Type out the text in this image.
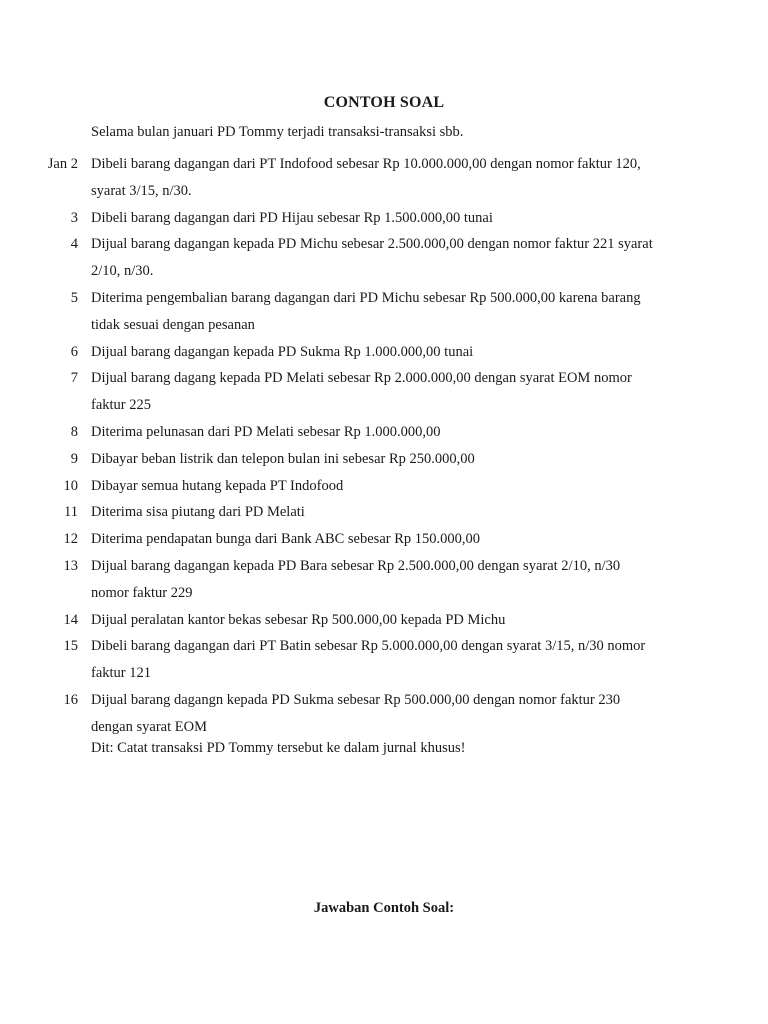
CONTOH SOAL
Selama bulan januari PD Tommy terjadi transaksi-transaksi sbb.
Jan 2 Dibeli barang dagangan dari PT Indofood sebesar Rp 10.000.000,00 dengan nomor faktur 120,
syarat 3/15, n/30.
3 Dibeli barang dagangan dari PD Hijau sebesar Rp 1.500.000,00 tunai
4 Dijual barang dagangan kepada PD Michu sebesar 2.500.000,00 dengan nomor faktur 221 syarat
2/10, n/30.
5 Diterima pengembalian barang dagangan dari PD Michu sebesar Rp 500.000,00 karena barang
tidak sesuai dengan pesanan
6 Dijual barang dagangan kepada PD Sukma Rp 1.000.000,00 tunai
7 Dijual barang dagang kepada PD Melati sebesar Rp 2.000.000,00 dengan syarat EOM nomor
faktur 225
8 Diterima pelunasan dari PD Melati sebesar Rp 1.000.000,00
9 Dibayar beban listrik dan telepon bulan ini sebesar Rp 250.000,00
10 Dibayar semua hutang kepada PT Indofood
11 Diterima sisa piutang dari PD Melati
12 Diterima pendapatan bunga dari Bank ABC sebesar Rp 150.000,00
13 Dijual barang dagangan kepada PD Bara sebesar Rp 2.500.000,00 dengan syarat 2/10, n/30
nomor faktur 229
14 Dijual peralatan kantor bekas sebesar Rp 500.000,00 kepada PD Michu
15 Dibeli barang dagangan dari PT Batin sebesar Rp 5.000.000,00 dengan syarat 3/15, n/30 nomor
faktur 121
16 Dijual barang dagangn kepada PD Sukma sebesar Rp 500.000,00 dengan nomor faktur 230
dengan syarat EOM
Dit: Catat transaksi PD Tommy tersebut ke dalam jurnal khusus!
Jawaban Contoh Soal:
